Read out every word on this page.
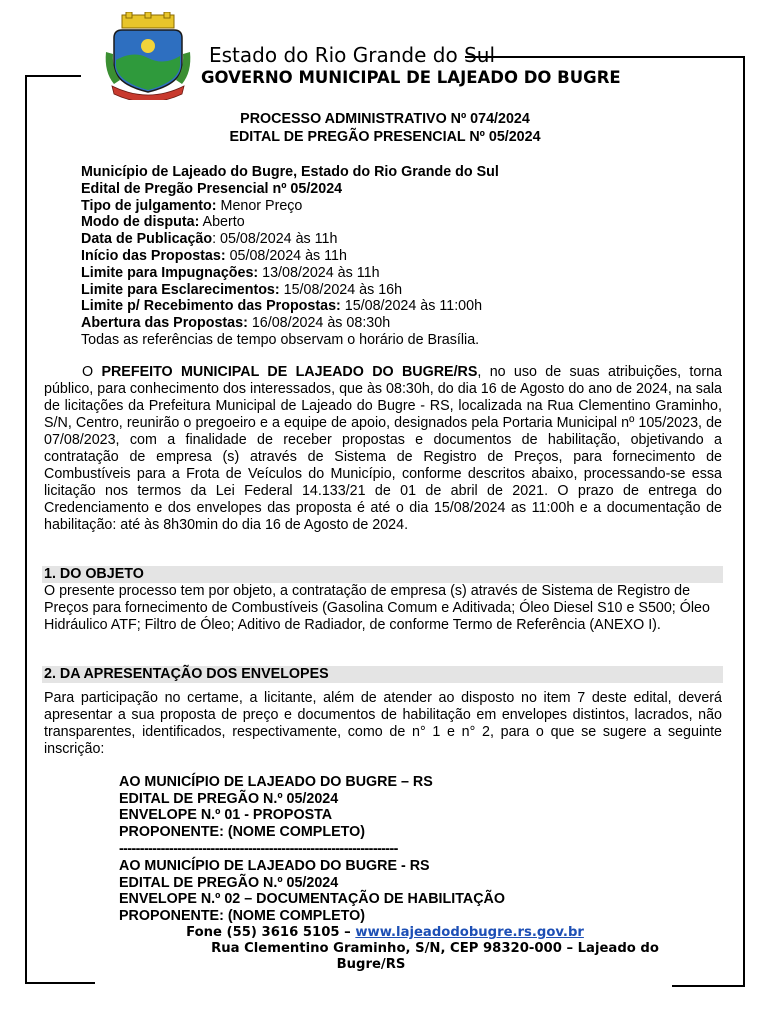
Estado do Rio Grande do Sul
GOVERNO MUNICIPAL DE LAJEADO DO BUGRE
PROCESSO ADMINISTRATIVO Nº 074/2024
EDITAL DE PREGÃO PRESENCIAL Nº 05/2024
Município de Lajeado do Bugre, Estado do Rio Grande do Sul
Edital de Pregão Presencial nº 05/2024
Tipo de julgamento: Menor Preço
Modo de disputa: Aberto
Data de Publicação: 05/08/2024 às 11h
Início das Propostas: 05/08/2024 às 11h
Limite para Impugnações: 13/08/2024 às 11h
Limite para Esclarecimentos: 15/08/2024 às 16h
Limite p/ Recebimento das Propostas: 15/08/2024 às 11:00h
Abertura das Propostas: 16/08/2024 às 08:30h
Todas as referências de tempo observam o horário de Brasília.
O PREFEITO MUNICIPAL DE LAJEADO DO BUGRE/RS, no uso de suas atribuições, torna público, para conhecimento dos interessados, que às 08:30h, do dia 16 de Agosto do ano de 2024, na sala de licitações da Prefeitura Municipal de Lajeado do Bugre - RS, localizada na Rua Clementino Graminho, S/N, Centro, reunirão o pregoeiro e a equipe de apoio, designados pela Portaria Municipal nº 105/2023, de 07/08/2023, com a finalidade de receber propostas e documentos de habilitação, objetivando a contratação de empresa (s) através de Sistema de Registro de Preços, para fornecimento de Combustíveis para a Frota de Veículos do Município, conforme descritos abaixo, processando-se essa licitação nos termos da Lei Federal 14.133/21 de 01 de abril de 2021. O prazo de entrega do Credenciamento e dos envelopes das proposta é até o dia 15/08/2024 as 11:00h e a documentação de habilitação: até às 8h30min do dia 16 de Agosto de 2024.
1. DO OBJETO
O presente processo tem por objeto, a contratação de empresa (s) através de Sistema de Registro de Preços para fornecimento de Combustíveis (Gasolina Comum e Aditivada; Óleo Diesel S10 e S500; Óleo Hidráulico ATF; Filtro de Óleo; Aditivo de Radiador, de conforme Termo de Referência (ANEXO I).
2. DA APRESENTAÇÃO DOS ENVELOPES
Para participação no certame, a licitante, além de atender ao disposto no item 7 deste edital, deverá apresentar a sua proposta de preço e documentos de habilitação em envelopes distintos, lacrados, não transparentes, identificados, respectivamente, como de n° 1 e n° 2, para o que se sugere a seguinte inscrição:
AO MUNICÍPIO DE LAJEADO DO BUGRE – RS
EDITAL DE PREGÃO N.º 05/2024
ENVELOPE N.º 01 - PROPOSTA
PROPONENTE: (NOME COMPLETO)
-------------------------------------------------------------------
AO MUNICÍPIO DE LAJEADO DO BUGRE - RS
EDITAL DE PREGÃO N.º 05/2024
ENVELOPE N.º 02 – DOCUMENTAÇÃO DE HABILITAÇÃO
PROPONENTE: (NOME COMPLETO)
Fone (55) 3616 5105 – www.lajeadodobugre.rs.gov.br
Rua Clementino Graminho, S/N, CEP 98320-000 – Lajeado do
Bugre/RS
